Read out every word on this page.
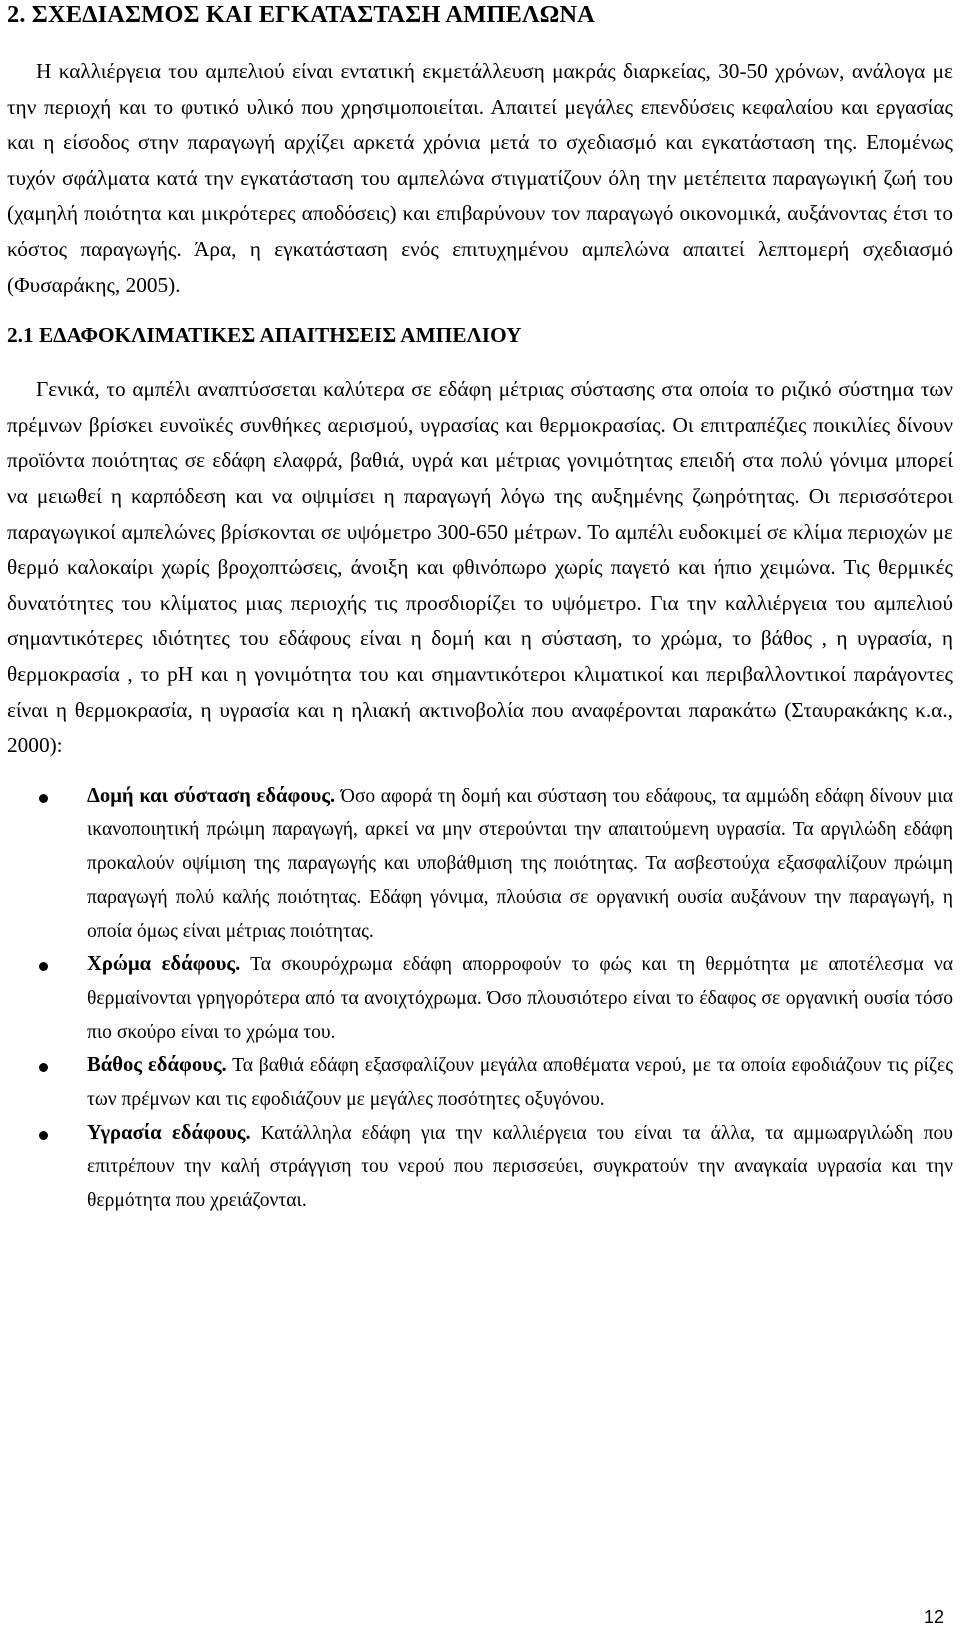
2. ΣΧΕΔΙΑΣΜΟΣ ΚΑΙ ΕΓΚΑΤΑΣΤΑΣΗ ΑΜΠΕΛΩΝΑ

Η καλλιέργεια του αμπελιού είναι εντατική εκμετάλλευση μακράς διαρκείας, 30-50 χρόνων, ανάλογα με την περιοχή και το φυτικό υλικό που χρησιμοποιείται. Απαιτεί μεγάλες επενδύσεις κεφαλαίου και εργασίας και η είσοδος στην παραγωγή αρχίζει αρκετά χρόνια μετά το σχεδιασμό και εγκατάσταση της. Επομένως τυχόν σφάλματα κατά την εγκατάσταση του αμπελώνα στιγματίζουν όλη την μετέπειτα παραγωγική ζωή του (χαμηλή ποιότητα και μικρότερες αποδόσεις) και επιβαρύνουν τον παραγωγό οικονομικά, αυξάνοντας έτσι το κόστος παραγωγής. Άρα, η εγκατάσταση ενός επιτυχημένου αμπελώνα απαιτεί λεπτομερή σχεδιασμό (Φυσαράκης, 2005).

2.1 ΕΔΑΦΟΚΛΙΜΑΤΙΚΕΣ ΑΠΑΙΤΗΣΕΙΣ ΑΜΠΕΛΙΟΥ

Γενικά, το αμπέλι αναπτύσσεται καλύτερα σε εδάφη μέτριας σύστασης στα οποία το ριζικό σύστημα των πρέμνων βρίσκει ευνοϊκές συνθήκες αερισμού, υγρασίας και θερμοκρασίας. Οι επιτραπέζιες ποικιλίες δίνουν προϊόντα ποιότητας σε εδάφη ελαφρά, βαθιά, υγρά και μέτριας γονιμότητας επειδή στα πολύ γόνιμα μπορεί να μειωθεί η καρπόδεση και να οψιμίσει η παραγωγή λόγω της αυξημένης ζωηρότητας. Οι περισσότεροι παραγωγικοί αμπελώνες βρίσκονται σε υψόμετρο 300-650 μέτρων. Το αμπέλι ευδοκιμεί σε κλίμα περιοχών με θερμό καλοκαίρι χωρίς βροχοπτώσεις, άνοιξη και φθινόπωρο χωρίς παγετό και ήπιο χειμώνα. Τις θερμικές δυνατότητες του κλίματος μιας περιοχής τις προσδιορίζει το υψόμετρο. Για την καλλιέργεια του αμπελιού σημαντικότερες ιδιότητες του εδάφους είναι η δομή και η σύσταση, το χρώμα, το βάθος , η υγρασία, η θερμοκρασία , το pH και η γονιμότητα του και σημαντικότεροι κλιματικοί και περιβαλλοντικοί παράγοντες είναι η θερμοκρασία, η υγρασία και η ηλιακή ακτινοβολία που αναφέρονται παρακάτω (Σταυρακάκης κ.α., 2000):

Δομή και σύσταση εδάφους. Όσο αφορά τη δομή και σύσταση του εδάφους, τα αμμώδη εδάφη δίνουν μια ικανοποιητική πρώιμη παραγωγή, αρκεί να μην στερούνται την απαιτούμενη υγρασία. Τα αργιλώδη εδάφη προκαλούν οψίμιση της παραγωγής και υποβάθμιση της ποιότητας. Τα ασβεστούχα εξασφαλίζουν πρώιμη παραγωγή πολύ καλής ποιότητας. Εδάφη γόνιμα, πλούσια σε οργανική ουσία αυξάνουν την παραγωγή, η οποία όμως είναι μέτριας ποιότητας.
Χρώμα εδάφους. Τα σκουρόχρωμα εδάφη απορροφούν το φώς και τη θερμότητα με αποτέλεσμα να θερμαίνονται γρηγορότερα από τα ανοιχτόχρωμα. Όσο πλουσιότερο είναι το έδαφος σε οργανική ουσία τόσο πιο σκούρο είναι το χρώμα του.
Βάθος εδάφους. Τα βαθιά εδάφη εξασφαλίζουν μεγάλα αποθέματα νερού, με τα οποία εφοδιάζουν τις ρίζες των πρέμνων και τις εφοδιάζουν με μεγάλες ποσότητες οξυγόνου.
Υγρασία εδάφους. Κατάλληλα εδάφη για την καλλιέργεια του είναι τα άλλα, τα αμμωαργιλώδη που επιτρέπουν την καλή στράγγιση του νερού που περισσεύει, συγκρατούν την αναγκαία υγρασία και την θερμότητα που χρειάζονται.
12
